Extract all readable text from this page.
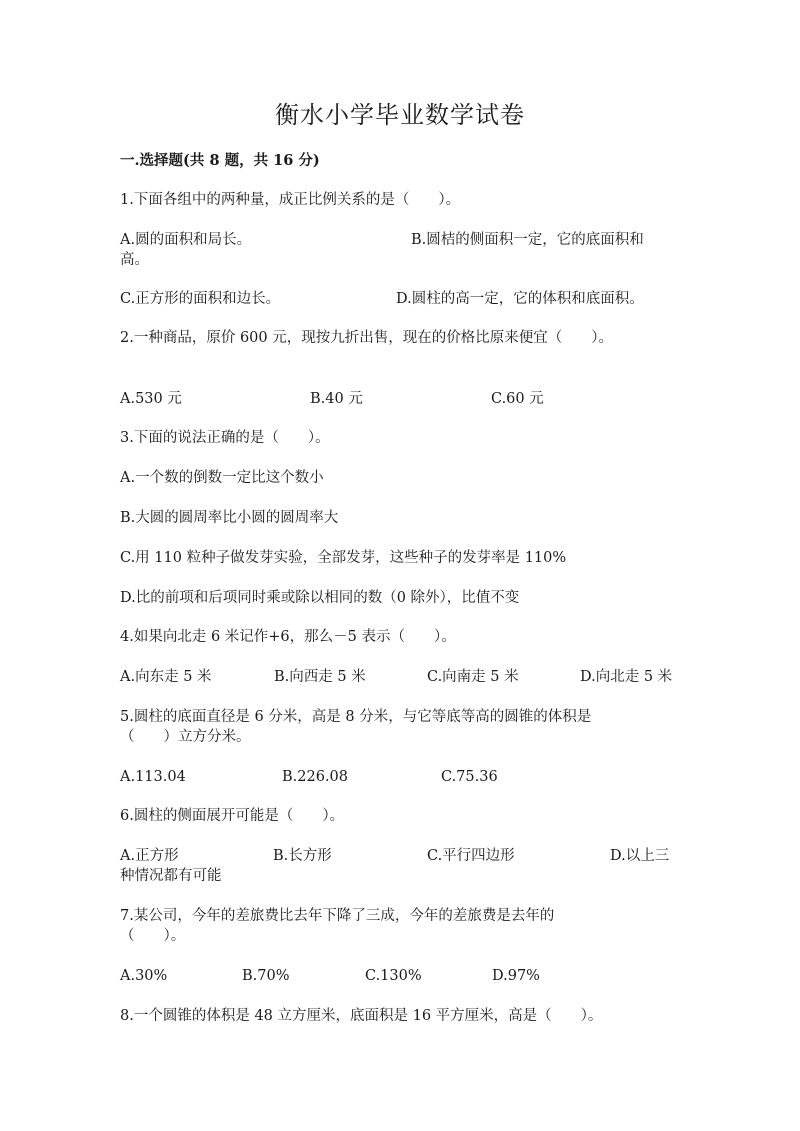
衡水小学毕业数学试卷
一.选择题(共 8 题，共 16 分)
1.下面各组中的两种量，成正比例关系的是（　　）。
A.圆的面积和局长。	B.圆桔的侧面积一定，它的底面积和
高。
C.正方形的面积和边长。	D.圆柱的高一定，它的体积和底面积。
2.一种商品，原价 600 元，现按九折出售，现在的价格比原来便宜（　　）。
A.530 元	B.40 元	C.60 元
3.下面的说法正确的是（　　）。
A.一个数的倒数一定比这个数小
B.大圆的圆周率比小圆的圆周率大
C.用 110 粒种子做发芽实验，全部发芽，这些种子的发芽率是 110%
D.比的前项和后项同时乘或除以相同的数（0 除外），比值不变
4.如果向北走 6 米记作+6，那么－5 表示（　　）。
A.向东走 5 米	B.向西走 5 米	C.向南走 5 米	D.向北走 5 米
5.圆柱的底面直径是 6 分米，高是 8 分米，与它等底等高的圆锥的体积是
（　　）立方分米。
A.113.04	B.226.08	C.75.36
6.圆柱的侧面展开可能是（　　）。
A.正方形	B.长方形	C.平行四边形	D.以上三
种情况都有可能
7.某公司，今年的差旅费比去年下降了三成，今年的差旅费是去年的
（　　）。
A.30%	B.70%	C.130%	D.97%
8.一个圆锥的体积是 48 立方厘米，底面积是 16 平方厘米，高是（　　）。
